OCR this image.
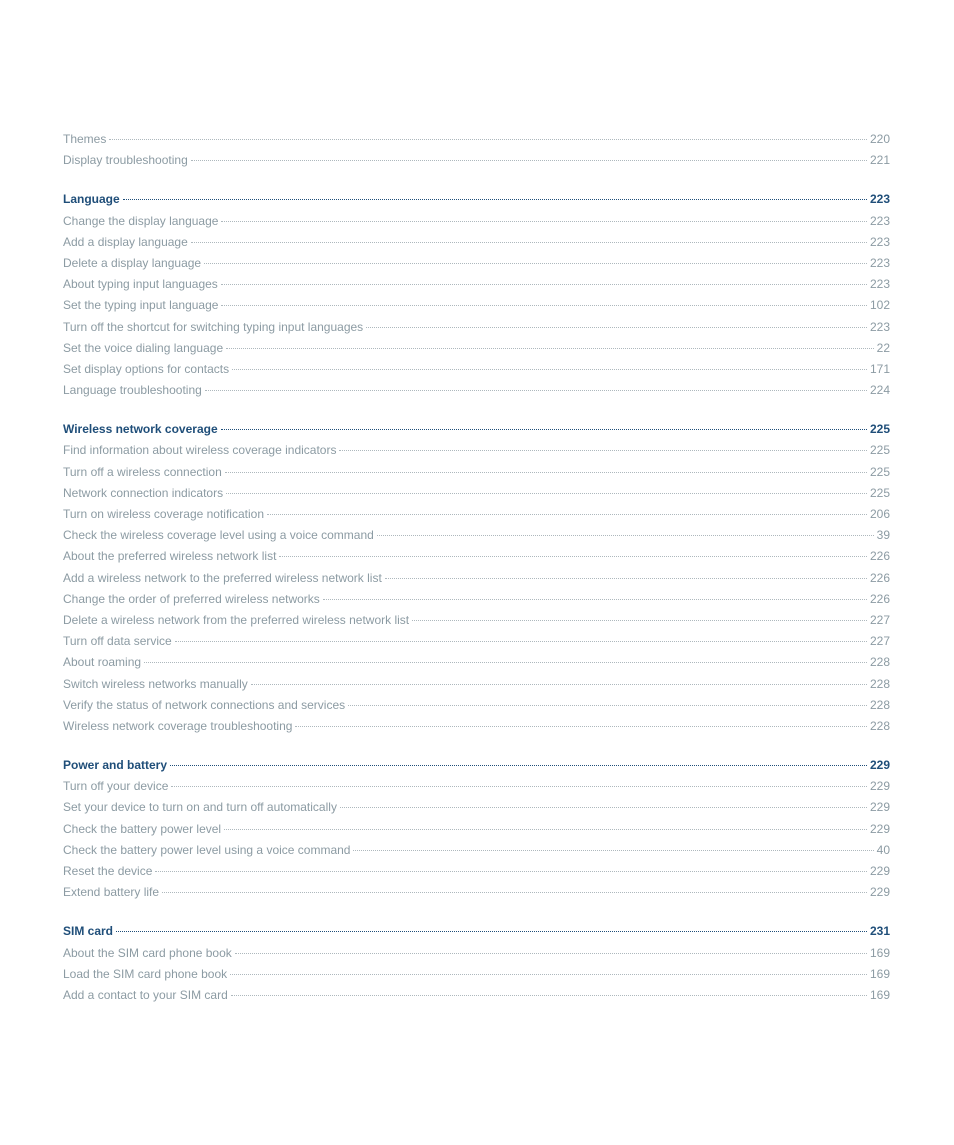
Themes	220
Display troubleshooting	221
Language	223
Change the display language	223
Add a display language	223
Delete a display language	223
About typing input languages	223
Set the typing input language	102
Turn off the shortcut for switching typing input languages	223
Set the voice dialing language	22
Set display options for contacts	171
Language troubleshooting	224
Wireless network coverage	225
Find information about wireless coverage indicators	225
Turn off a wireless connection	225
Network connection indicators	225
Turn on wireless coverage notification	206
Check the wireless coverage level using a voice command	39
About the preferred wireless network list	226
Add a wireless network to the preferred wireless network list	226
Change the order of preferred wireless networks	226
Delete a wireless network from the preferred wireless network list	227
Turn off data service	227
About roaming	228
Switch wireless networks manually	228
Verify the status of network connections and services	228
Wireless network coverage troubleshooting	228
Power and battery	229
Turn off your device	229
Set your device to turn on and turn off automatically	229
Check the battery power level	229
Check the battery power level using a voice command	40
Reset the device	229
Extend battery life	229
SIM card	231
About the SIM card phone book	169
Load the SIM card phone book	169
Add a contact to your SIM card	169
